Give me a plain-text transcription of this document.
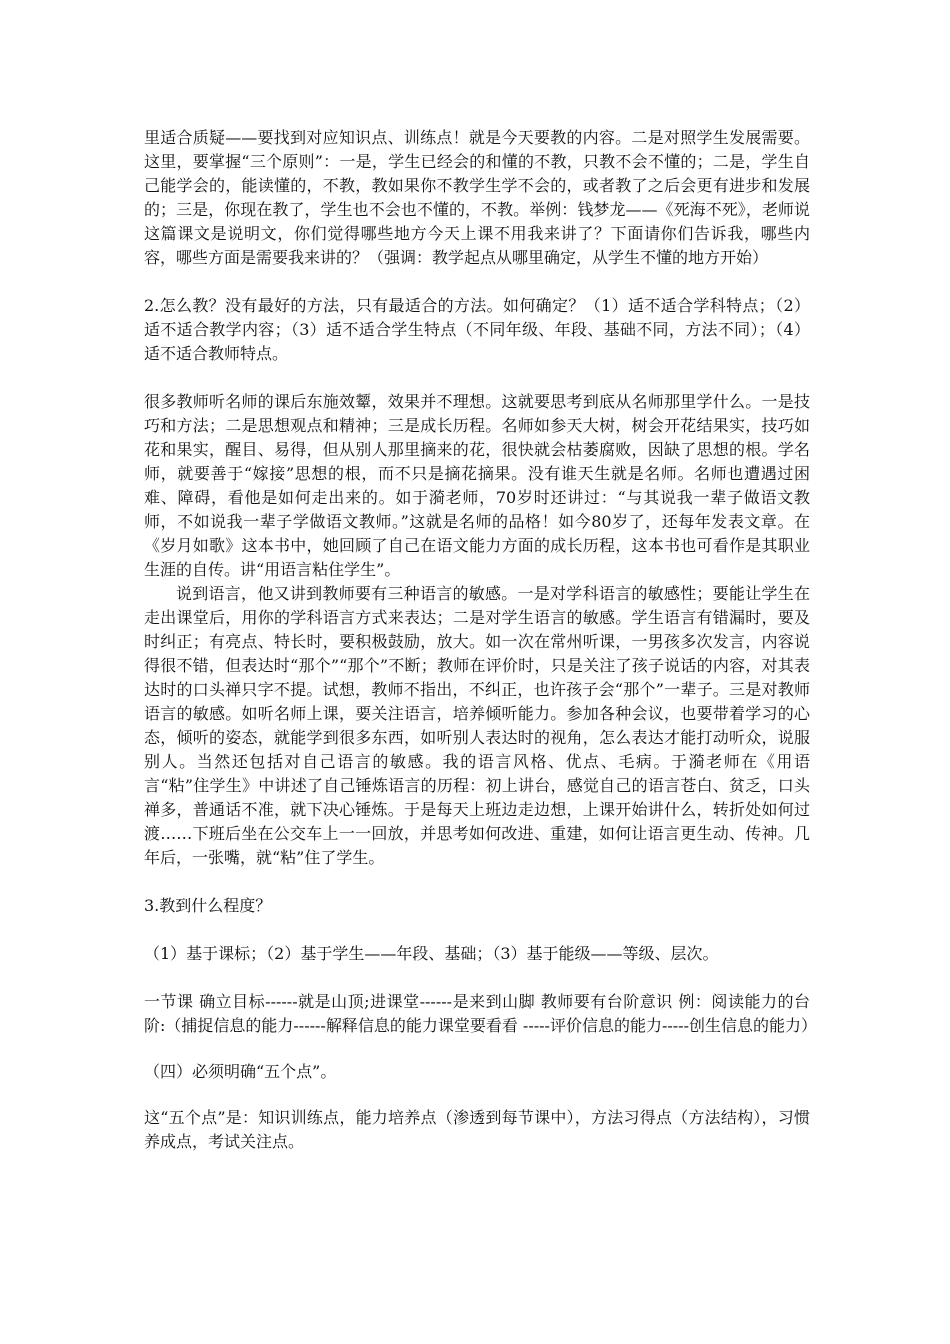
里适合质疑——要找到对应知识点、训练点！就是今天要教的内容。二是对照学生发展需要。这里，要掌握“三个原则”：一是，学生已经会的和懂的不教，只教不会不懂的；二是，学生自己能学会的，能读懂的，不教，教如果你不教学生学不会的，或者教了之后会更有进步和发展的；三是，你现在教了，学生也不会也不懂的，不教。举例：钱梦龙——《死海不死》，老师说这篇课文是说明文，你们觉得哪些地方今天上课不用我来讲了？下面请你们告诉我，哪些内容，哪些方面是需要我来讲的？（强调：教学起点从哪里确定，从学生不懂的地方开始）

2.怎么教？没有最好的方法，只有最适合的方法。如何确定？（1）适不适合学科特点；（2）适不适合教学内容；（3）适不适合学生特点（不同年级、年段、基础不同，方法不同）；（4）适不适合教师特点。

很多教师听名师的课后东施效颦，效果并不理想。这就要思考到底从名师那里学什么。一是技巧和方法；二是思想观点和精神；三是成长历程。名师如参天大树，树会开花结果实，技巧如花和果实，醒目、易得，但从别人那里摘来的花，很快就会枯萎腐败，因缺了思想的根。学名师，就要善于“嫁接”思想的根，而不只是摘花摘果。没有谁天生就是名师。名师也遭遇过困难、障碍，看他是如何走出来的。如于漪老师，70岁时还讲过：“与其说我一辈子做语文教师，不如说我一辈子学做语文教师。”这就是名师的品格！如今80岁了，还每年发表文章。在《岁月如歌》这本书中，她回顾了自己在语文能力方面的成长历程，这本书也可看作是其职业生涯的自传。讲“用语言粘住学生”。

说到语言，他又讲到教师要有三种语言的敏感。一是对学科语言的敏感性；要能让学生在走出课堂后，用你的学科语言方式来表达；二是对学生语言的敏感。学生语言有错漏时，要及时纠正；有亮点、特长时，要积极鼓励，放大。如一次在常州听课，一男孩多次发言，内容说得很不错，但表达时“那个”“那个”不断；教师在评价时，只是关注了孩子说话的内容，对其表达时的口头禅只字不提。试想，教师不指出，不纠正，也许孩子会“那个”一辈子。三是对教师语言的敏感。如听名师上课，要关注语言，培养倾听能力。参加各种会议，也要带着学习的心态，倾听的姿态，就能学到很多东西，如听别人表达时的视角，怎么表达才能打动听众，说服别人。当然还包括对自己语言的敏感。我的语言风格、优点、毛病。于漪老师在《用语言“粘”住学生》中讲述了自己锤炼语言的历程：初上讲台，感觉自己的语言苍白、贫乏，口头禅多，普通话不准，就下决心锤炼。于是每天上班边走边想，上课开始讲什么，转折处如何过渡……下班后坐在公交车上一一回放，并思考如何改进、重建，如何让语言更生动、传神。几年后，一张嘴，就“粘”住了学生。

3.教到什么程度？

（1）基于课标；（2）基于学生——年段、基础；（3）基于能级——等级、层次。

一节课 确立目标------就是山顶;进课堂------是来到山脚 教师要有台阶意识 例：阅读能力的台阶:（捕捉信息的能力------解释信息的能力课堂要看看 -----评价信息的能力-----创生信息的能力）

（四）必须明确“五个点”。

这“五个点”是：知识训练点，能力培养点（渗透到每节课中），方法习得点（方法结构），习惯养成点，考试关注点。
